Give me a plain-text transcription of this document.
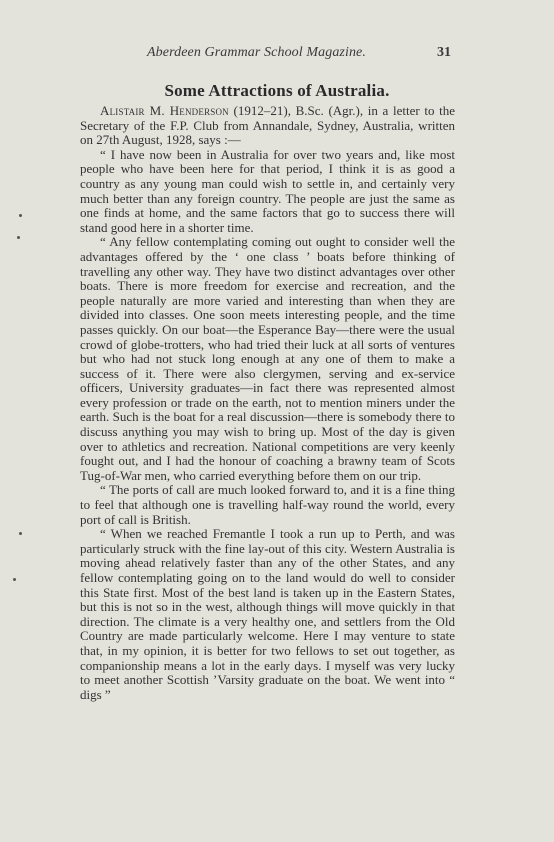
Aberdeen Grammar School Magazine.	31
Some Attractions of Australia.

Alistair M. Henderson (1912–21), B.Sc. (Agr.), in a letter to the Secretary of the F.P. Club from Annandale, Sydney, Australia, written on 27th August, 1928, says :—

“ I have now been in Australia for over two years and, like most people who have been here for that period, I think it is as good a country as any young man could wish to settle in, and certainly very much better than any foreign country. The people are just the same as one finds at home, and the same factors that go to success there will stand good here in a shorter time.

“ Any fellow contemplating coming out ought to consider well the advantages offered by the ‘ one class ’ boats before thinking of travelling any other way. They have two distinct advantages over other boats. There is more freedom for exercise and recreation, and the people naturally are more varied and interesting than when they are divided into classes. One soon meets interesting people, and the time passes quickly. On our boat—the Esperance Bay—there were the usual crowd of globe-trotters, who had tried their luck at all sorts of ventures but who had not stuck long enough at any one of them to make a success of it. There were also clergymen, serving and ex-service officers, University graduates—in fact there was represented almost every profession or trade on the earth, not to mention miners under the earth. Such is the boat for a real discussion—there is somebody there to discuss anything you may wish to bring up. Most of the day is given over to athletics and recreation. National competitions are very keenly fought out, and I had the honour of coaching a brawny team of Scots Tug-of-War men, who carried everything before them on our trip.

“ The ports of call are much looked forward to, and it is a fine thing to feel that although one is travelling half-way round the world, every port of call is British.

“ When we reached Fremantle I took a run up to Perth, and was particularly struck with the fine lay-out of this city. Western Australia is moving ahead relatively faster than any of the other States, and any fellow contemplating going on to the land would do well to consider this State first. Most of the best land is taken up in the Eastern States, but this is not so in the west, although things will move quickly in that direction. The climate is a very healthy one, and settlers from the Old Country are made particularly welcome. Here I may venture to state that, in my opinion, it is better for two fellows to set out together, as companionship means a lot in the early days. I myself was very lucky to meet another Scottish ’Varsity graduate on the boat. We went into “ digs ”
